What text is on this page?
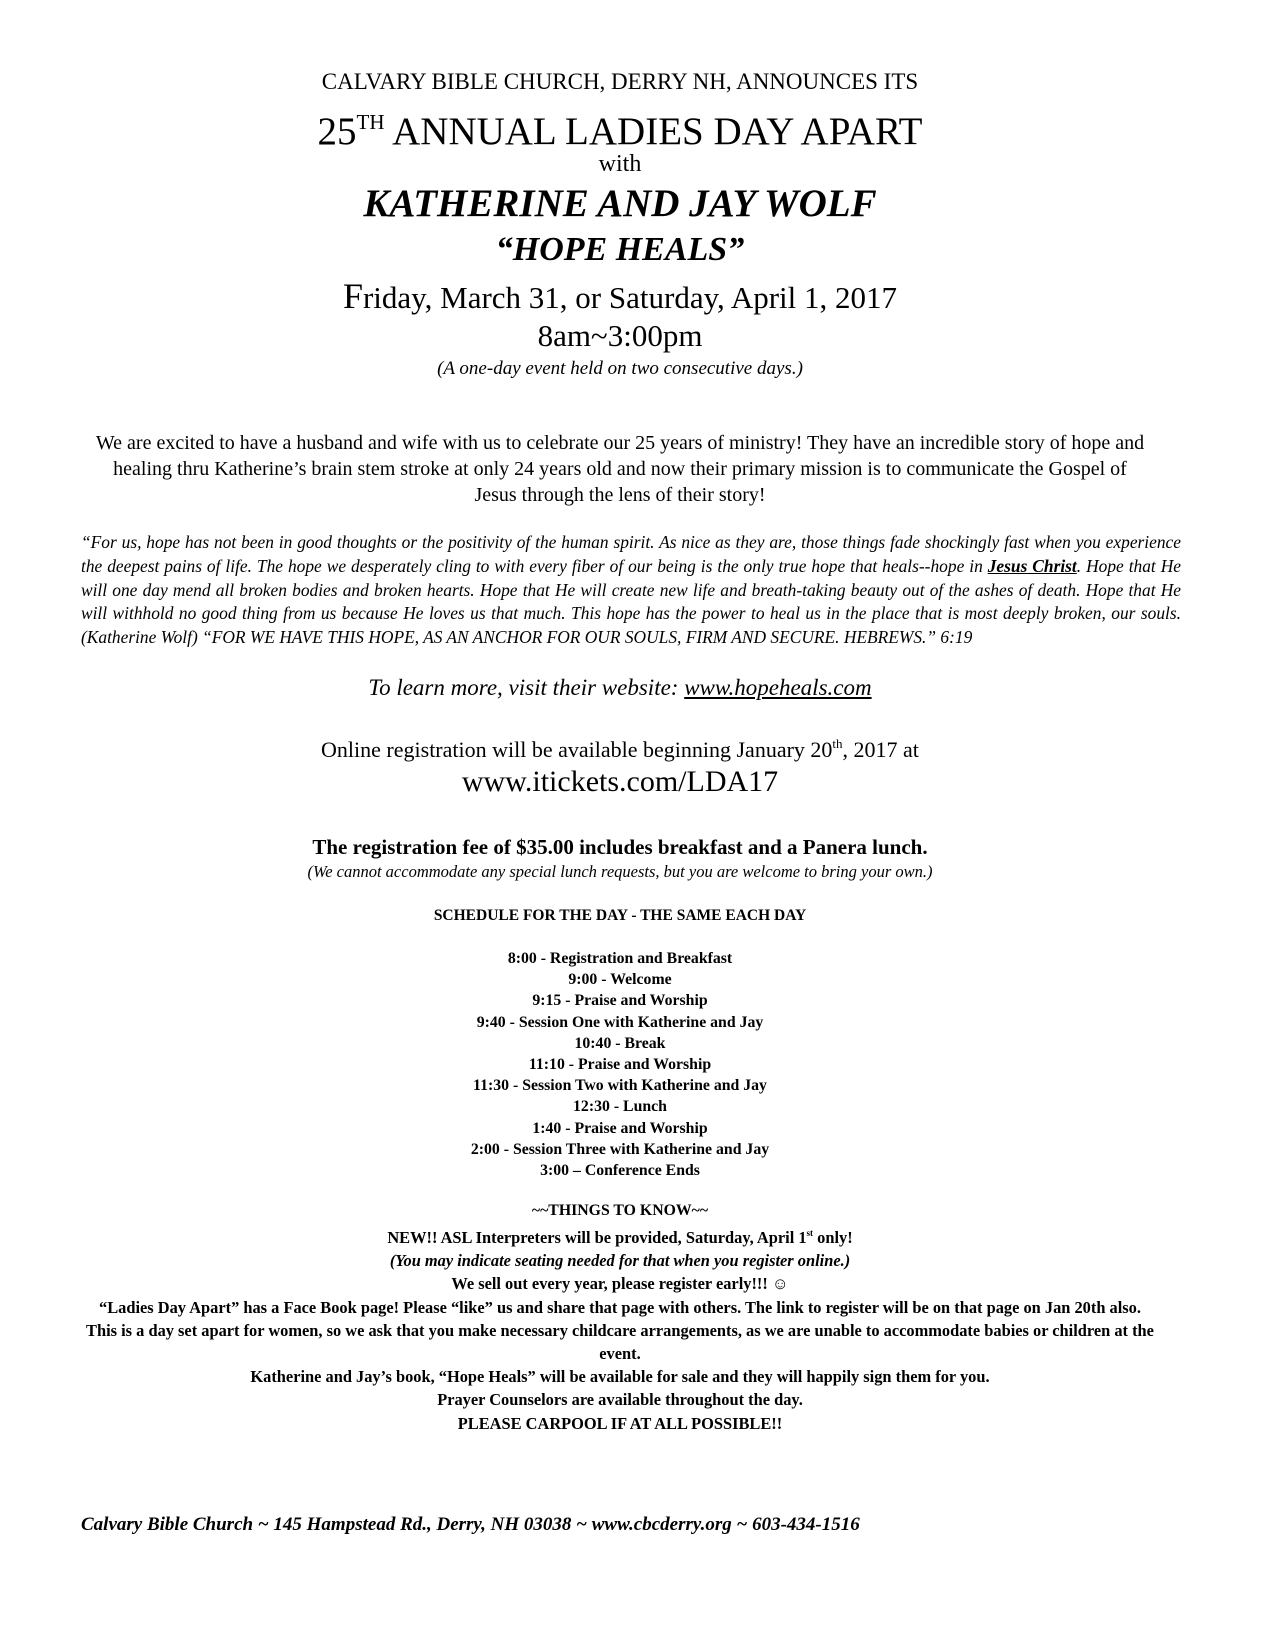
CALVARY BIBLE CHURCH, DERRY NH, ANNOUNCES ITS

25TH ANNUAL LADIES DAY APART

with

KATHERINE AND JAY WOLF

“HOPE HEALS”

Friday, March 31, or Saturday, April 1, 2017

8am~3:00pm

(A one-day event held on two consecutive days.)

We are excited to have a husband and wife with us to celebrate our 25 years of ministry! They have an incredible story of hope and healing thru Katherine’s brain stem stroke at only 24 years old and now their primary mission is to communicate the Gospel of Jesus through the lens of their story!

“For us, hope has not been in good thoughts or the positivity of the human spirit. As nice as they are, those things fade shockingly fast when you experience the deepest pains of life. The hope we desperately cling to with every fiber of our being is the only true hope that heals--hope in Jesus Christ. Hope that He will one day mend all broken bodies and broken hearts. Hope that He will create new life and breath-taking beauty out of the ashes of death. Hope that He will withhold no good thing from us because He loves us that much. This hope has the power to heal us in the place that is most deeply broken, our souls. (Katherine Wolf) “FOR WE HAVE THIS HOPE, AS AN ANCHOR FOR OUR SOULS, FIRM AND SECURE. HEBREWS.” 6:19

To learn more, visit their website: www.hopeheals.com

Online registration will be available beginning January 20th, 2017 at

www.itickets.com/LDA17

The registration fee of $35.00 includes breakfast and a Panera lunch.

(We cannot accommodate any special lunch requests, but you are welcome to bring your own.)

SCHEDULE FOR THE DAY - THE SAME EACH DAY

8:00 - Registration and Breakfast
9:00 - Welcome
9:15 - Praise and Worship
9:40 - Session One with Katherine and Jay
10:40 - Break
11:10 - Praise and Worship
11:30 - Session Two with Katherine and Jay
12:30 - Lunch
1:40 - Praise and Worship
2:00 - Session Three with Katherine and Jay
3:00 – Conference Ends

~~THINGS TO KNOW~~

NEW!! ASL Interpreters will be provided, Saturday, April 1st only!

(You may indicate seating needed for that when you register online.)

We sell out every year, please register early!!! ☺

“Ladies Day Apart” has a Face Book page! Please “like” us and share that page with others. The link to register will be on that page on Jan 20th also.

This is a day set apart for women, so we ask that you make necessary childcare arrangements, as we are unable to accommodate babies or children at the event.

Katherine and Jay’s book, “Hope Heals” will be available for sale and they will happily sign them for you.

Prayer Counselors are available throughout the day.

PLEASE CARPOOL IF AT ALL POSSIBLE!!

Calvary Bible Church ~ 145 Hampstead Rd., Derry, NH 03038 ~ www.cbcderry.org ~ 603-434-1516
